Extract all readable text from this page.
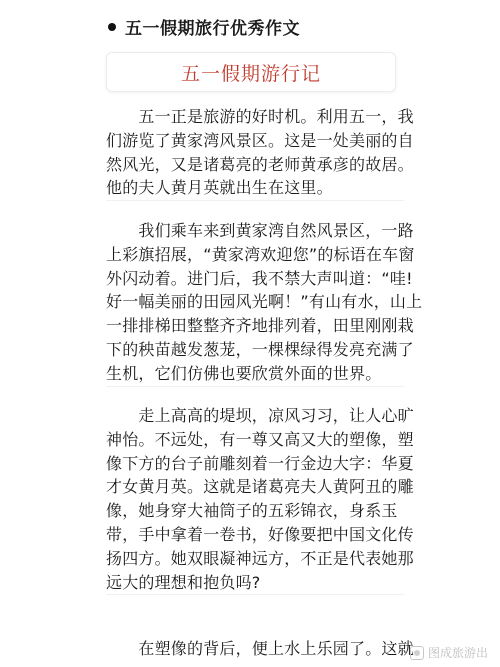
五一假期旅行优秀作文
五一假期游行记
　　五一正是旅游的好时机。利用五一，我
们游览了黄家湾风景区。这是一处美丽的自
然风光，又是诸葛亮的老师黄承彦的故居。
他的夫人黄月英就出生在这里。
　　我们乘车来到黄家湾自然风景区，一路
上彩旗招展，“黄家湾欢迎您”的标语在车窗
外闪动着。进门后，我不禁大声叫道：“哇!
好一幅美丽的田园风光啊！”有山有水，山上
一排排梯田整整齐齐地排列着，田里刚刚栽
下的秧苗越发葱茏，一棵棵绿得发亮充满了
生机，它们仿佛也要欣赏外面的世界。
　　走上高高的堤坝，凉风习习，让人心旷
神怡。不远处，有一尊又高又大的塑像，塑
像下方的台子前雕刻着一行金边大字：华夏
才女黄月英。这就是诸葛亮夫人黄阿丑的雕
像，她身穿大袖筒子的五彩锦衣，身系玉
带，手中拿着一卷书，好像要把中国文化传
扬四方。她双眼凝神远方，不正是代表她那
远大的理想和抱负吗?
　　在塑像的背后，便上水上乐园了。这就 图成旅游出
